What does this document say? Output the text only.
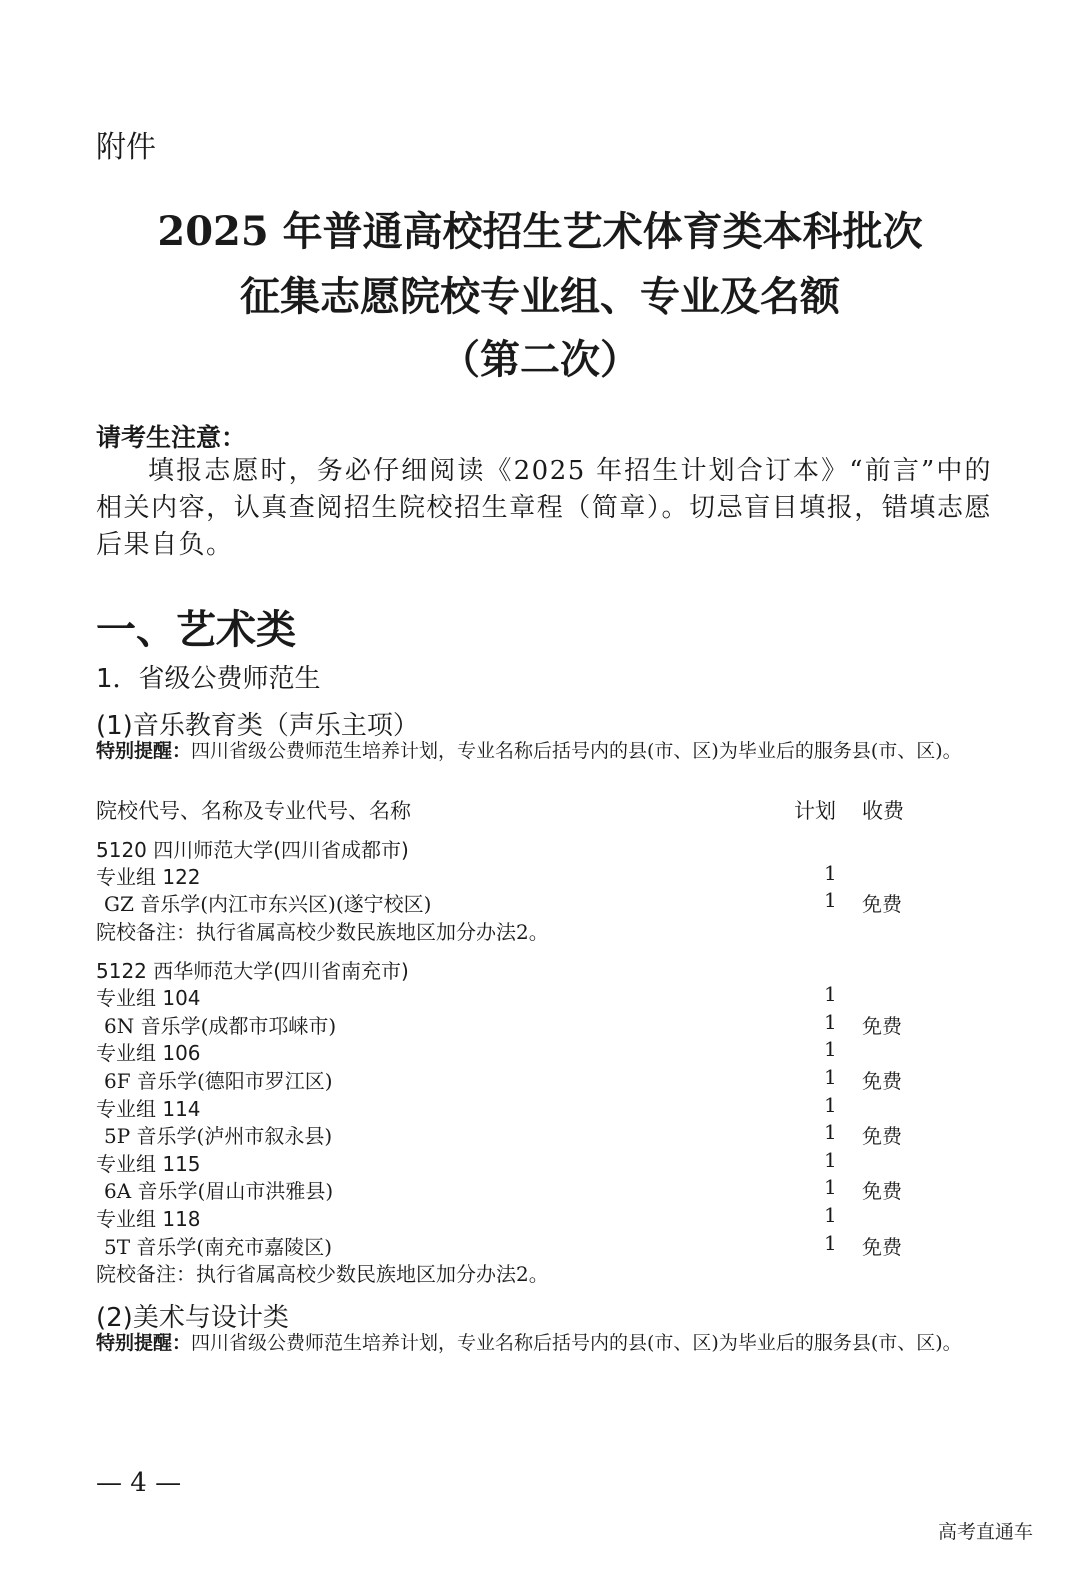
附件
2025 年普通高校招生艺术体育类本科批次
征集志愿院校专业组、专业及名额
（第二次）
请考生注意：
填报志愿时，务必仔细阅读《2025 年招生计划合订本》“前言”中的相关内容，认真查阅招生院校招生章程（简章）。切忌盲目填报，错填志愿后果自负。
一、艺术类
1．省级公费师范生
(1)音乐教育类（声乐主项）
特别提醒：四川省级公费师范生培养计划，专业名称后括号内的县(市、区)为毕业后的服务县(市、区)。
院校代号、名称及专业代号、名称	计划 收费
5120 四川师范大学(四川省成都市)
专业组 122	1
GZ 音乐学(内江市东兴区)(遂宁校区)	1 免费
院校备注：执行省属高校少数民族地区加分办法2。
5122 西华师范大学(四川省南充市)
专业组 104	1
6N 音乐学(成都市邛崃市)	1 免费
专业组 106	1
6F 音乐学(德阳市罗江区)	1 免费
专业组 114	1
5P 音乐学(泸州市叙永县)	1 免费
专业组 115	1
6A 音乐学(眉山市洪雅县)	1 免费
专业组 118	1
5T 音乐学(南充市嘉陵区)	1 免费
院校备注：执行省属高校少数民族地区加分办法2。
(2)美术与设计类
特别提醒：四川省级公费师范生培养计划，专业名称后括号内的县(市、区)为毕业后的服务县(市、区)。
— 4 —
高考直通车
